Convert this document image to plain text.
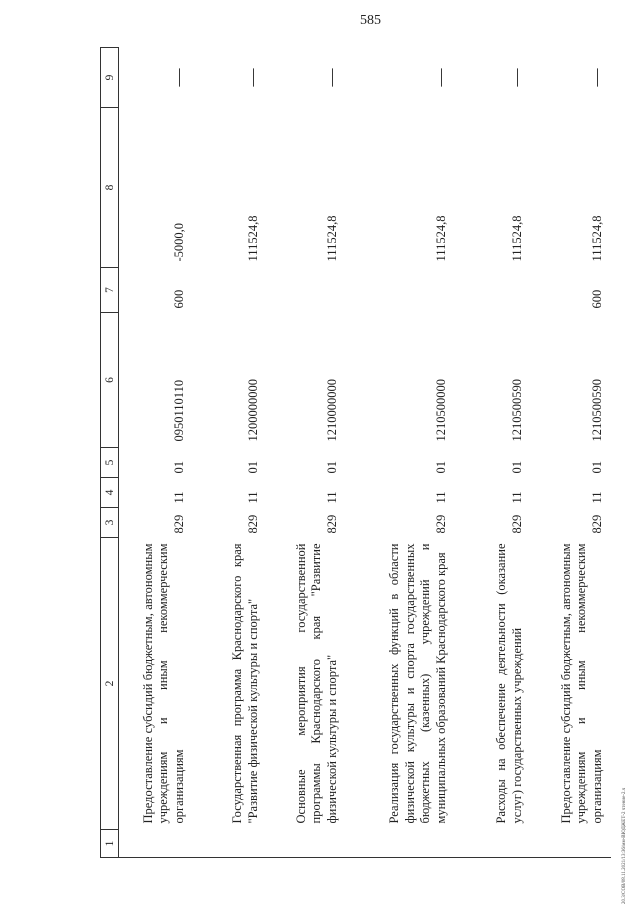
585
20.3/СОВ/08.11.2021/13:36/мм-ВЮДЖЕТ-2 чтение-2.ч
1	2	3	4	5	6	7	8	9
	Предоставление субсидий бюджетным, автономным учреждениям и иным некоммерческим организациям	829	11	01	0950110110	600	-5000,0	—
	Государственная программа Краснодарского края "Развитие физической культуры и спорта"	829	11	01	1200000000		111524,8	—
	Основные мероприятия государственной программы Краснодарского края "Развитие физической культуры и спорта"	829	11	01	1210000000		111524,8	—
	Реализация государственных функций в области физической культуры и спорта государственных бюджетных (казенных) учреждений и муниципальных образований Краснодарского края	829	11	01	1210500000		111524,8	—
	Расходы на обеспечение деятельности (оказание услуг) государственных учреждений	829	11	01	1210500590		111524,8	—
	Предоставление субсидий бюджетным, автономным учреждениям и иным некоммерческим организациям	829	11	01	1210500590	600	111524,8	—
